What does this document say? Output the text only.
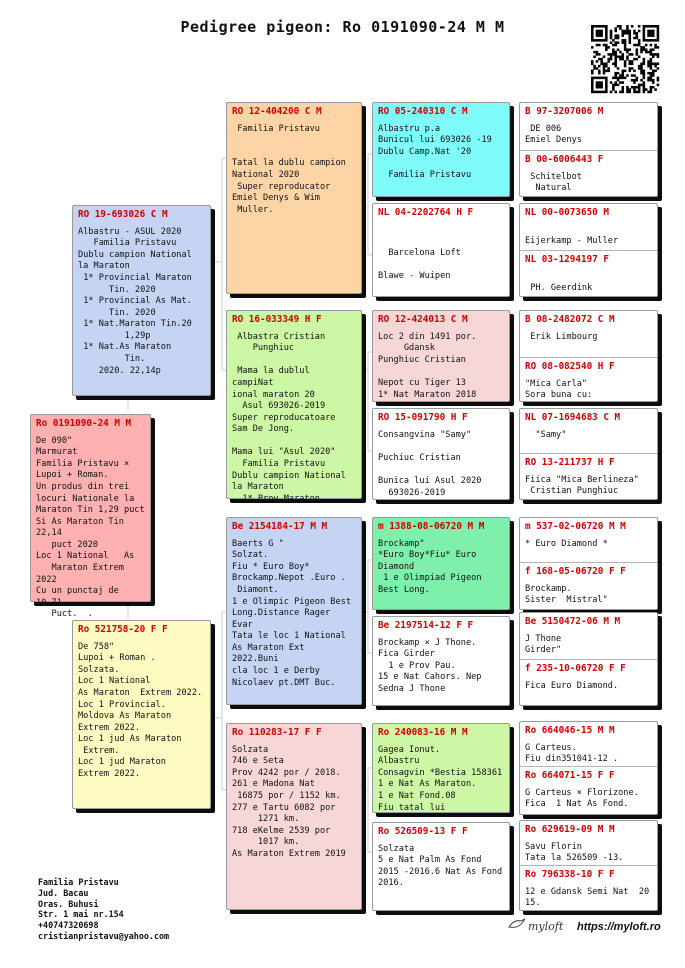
Pedigree pigeon: Ro 0191090-24 M M
Ro 0191090-24 M M
De 090"
Marmurat
Familia Pristavu ×
Lupoi + Roman.
Un produs din trei
locuri Nationale la
Maraton Tin 1,29 puct
Si As Maraton Tin 22,14
puct 2020
Loc 1 National   As
Maraton Extrem 2022
Cu un punctaj de 10,71
Puct.  .
RO 19-693026 C M
Albastru - ASUL 2020
Familia Pristavu
Dublu campion National
la Maraton
1* Provincial Maraton
Tin. 2020
1* Provincial As Mat.
Tin. 2020
1* Nat.Maraton Tin.20
1,29p
1* Nat.As Maraton
Tin.
2020. 22,14p
Ro 521758-20 F F
De 758"
Lupoi + Roman .
Solzata.
Loc 1 National
As Maraton  Extrem 2022.
Loc 1 Provincial.
Moldova As Maraton
Extrem 2022.
Loc 1 jud As Maraton
Extrem.
Loc 1 jud Maraton
Extrem 2022.
RO 12-404200 C M
Familia Pristavu

Tatal la dublu campion
National 2020
Super reproducator
Emiel Denys & Wim
Muller.
RO 16-033349 H F
Albastra Cristian
Punghiuc

Mama la dublul campiNat
ional maraton 20
Asul 693026-2019
Super reproducatoare
Sam De Jong.

Mama lui "Asul 2020"
Familia Pristavu
Dublu campion National
la Maraton
1* Prov.Maraton
Be 2154184-17 M M
Baerts G "
Solzat.
Fiu * Euro Boy*
Brockamp.Nepot .Euro .
Diamont.
1 e Olimpic Pigeon Best
Long.Distance Rager Evar
Tata le loc 1 National
As Maraton Ext 2022.Buni
cla loc 1 e Derby
Nicolaev pt.DMT Buc.
Ro 110283-17 F F
Solzata
746 e Seta
Prov 4242 por / 2018.
261 e Madona Nat
16875 por / 1152 km.
277 e Tartu 6082 por
1271 km.
718 eKelme 2539 por
1017 km.
As Maraton Extrem 2019
RO 05-240310 C M
Albastru p.a
Bunicul lui 693026 -19
Dublu Camp.Nat '20

Familia Pristavu
NL 04-2202764 H F

Barcelona Loft

Blawe - Wuipen
RO 12-424013 C M
Loc 2 din 1491 por.
Gdansk
Punghiuc Cristian

Nepot cu Tiger 13
1* Nat Maraton 2018
RO 15-091790 H F
Consangvina "Samy"

Puchiuc Cristian

Bunica lui Asul 2020
693026-2019
m 1388-08-06720 M M
Brockamp"
*Euro Boy*Fiu* Euro
Diamond
1 e Olimpiad Pigeon
Best Long.
Be 2197514-12 F F
Brockamp × J Thone.
Fica Girder
1 e Prov Pau.
15 e Nat Cahors. Nep
Sedna J Thone
Ro 240083-16 M M
Gagea Ionut.
Albastru
Consagvin *Bestia 158361
1 e Nat As Maraton.
1 e Nat Fond.08
Fiu tatal lui
Ro 526509-13 F F
Solzata
5 e Nat Palm As Fond
2015 -2016.6 Nat As Fond
2016.
B 97-3207006 M
DE 006
Emiel Denys
B 00-6006443 F
Schitelbot
Natural
NL 00-0073650 M

Eijerkamp - Muller
NL 03-1294197 F

PH. Geerdink
B 08-2482072 C M
Erik Limbourg
RO 08-082540 H F
"Mica Carla"
Sora buna cu:
NL 07-1694683 C M
"Samy"
RO 13-211737 H F
Fiica "Mica Berlineza"
Cristian Punghiuc
m 537-02-06720 M M
* Euro Diamond *
f 168-05-06720 F F
Brockamp.
Sister  Mistral"
Be 5150472-06 M M
J Thone
Girder"
f 235-10-06720 F F
Fica Euro Diamond.
Ro 664046-15 M M
G Carteus.
Fiu din351041-12 .
Ro 664071-15 F F
G Carteus × Florizone.
Fica  1 Nat As Fond.
Ro 629619-09 M M
Savu Florin
Tata la 526509 -13.
Ro 796338-10 F F
12 e Gdansk Semi Nat  20
15.
Familia Pristavu
Jud. Bacau
Oras. Buhusi
Str. 1 mai nr.154
+40747320698
cristianpristavu@yahoo.com
myloft https://myloft.ro
